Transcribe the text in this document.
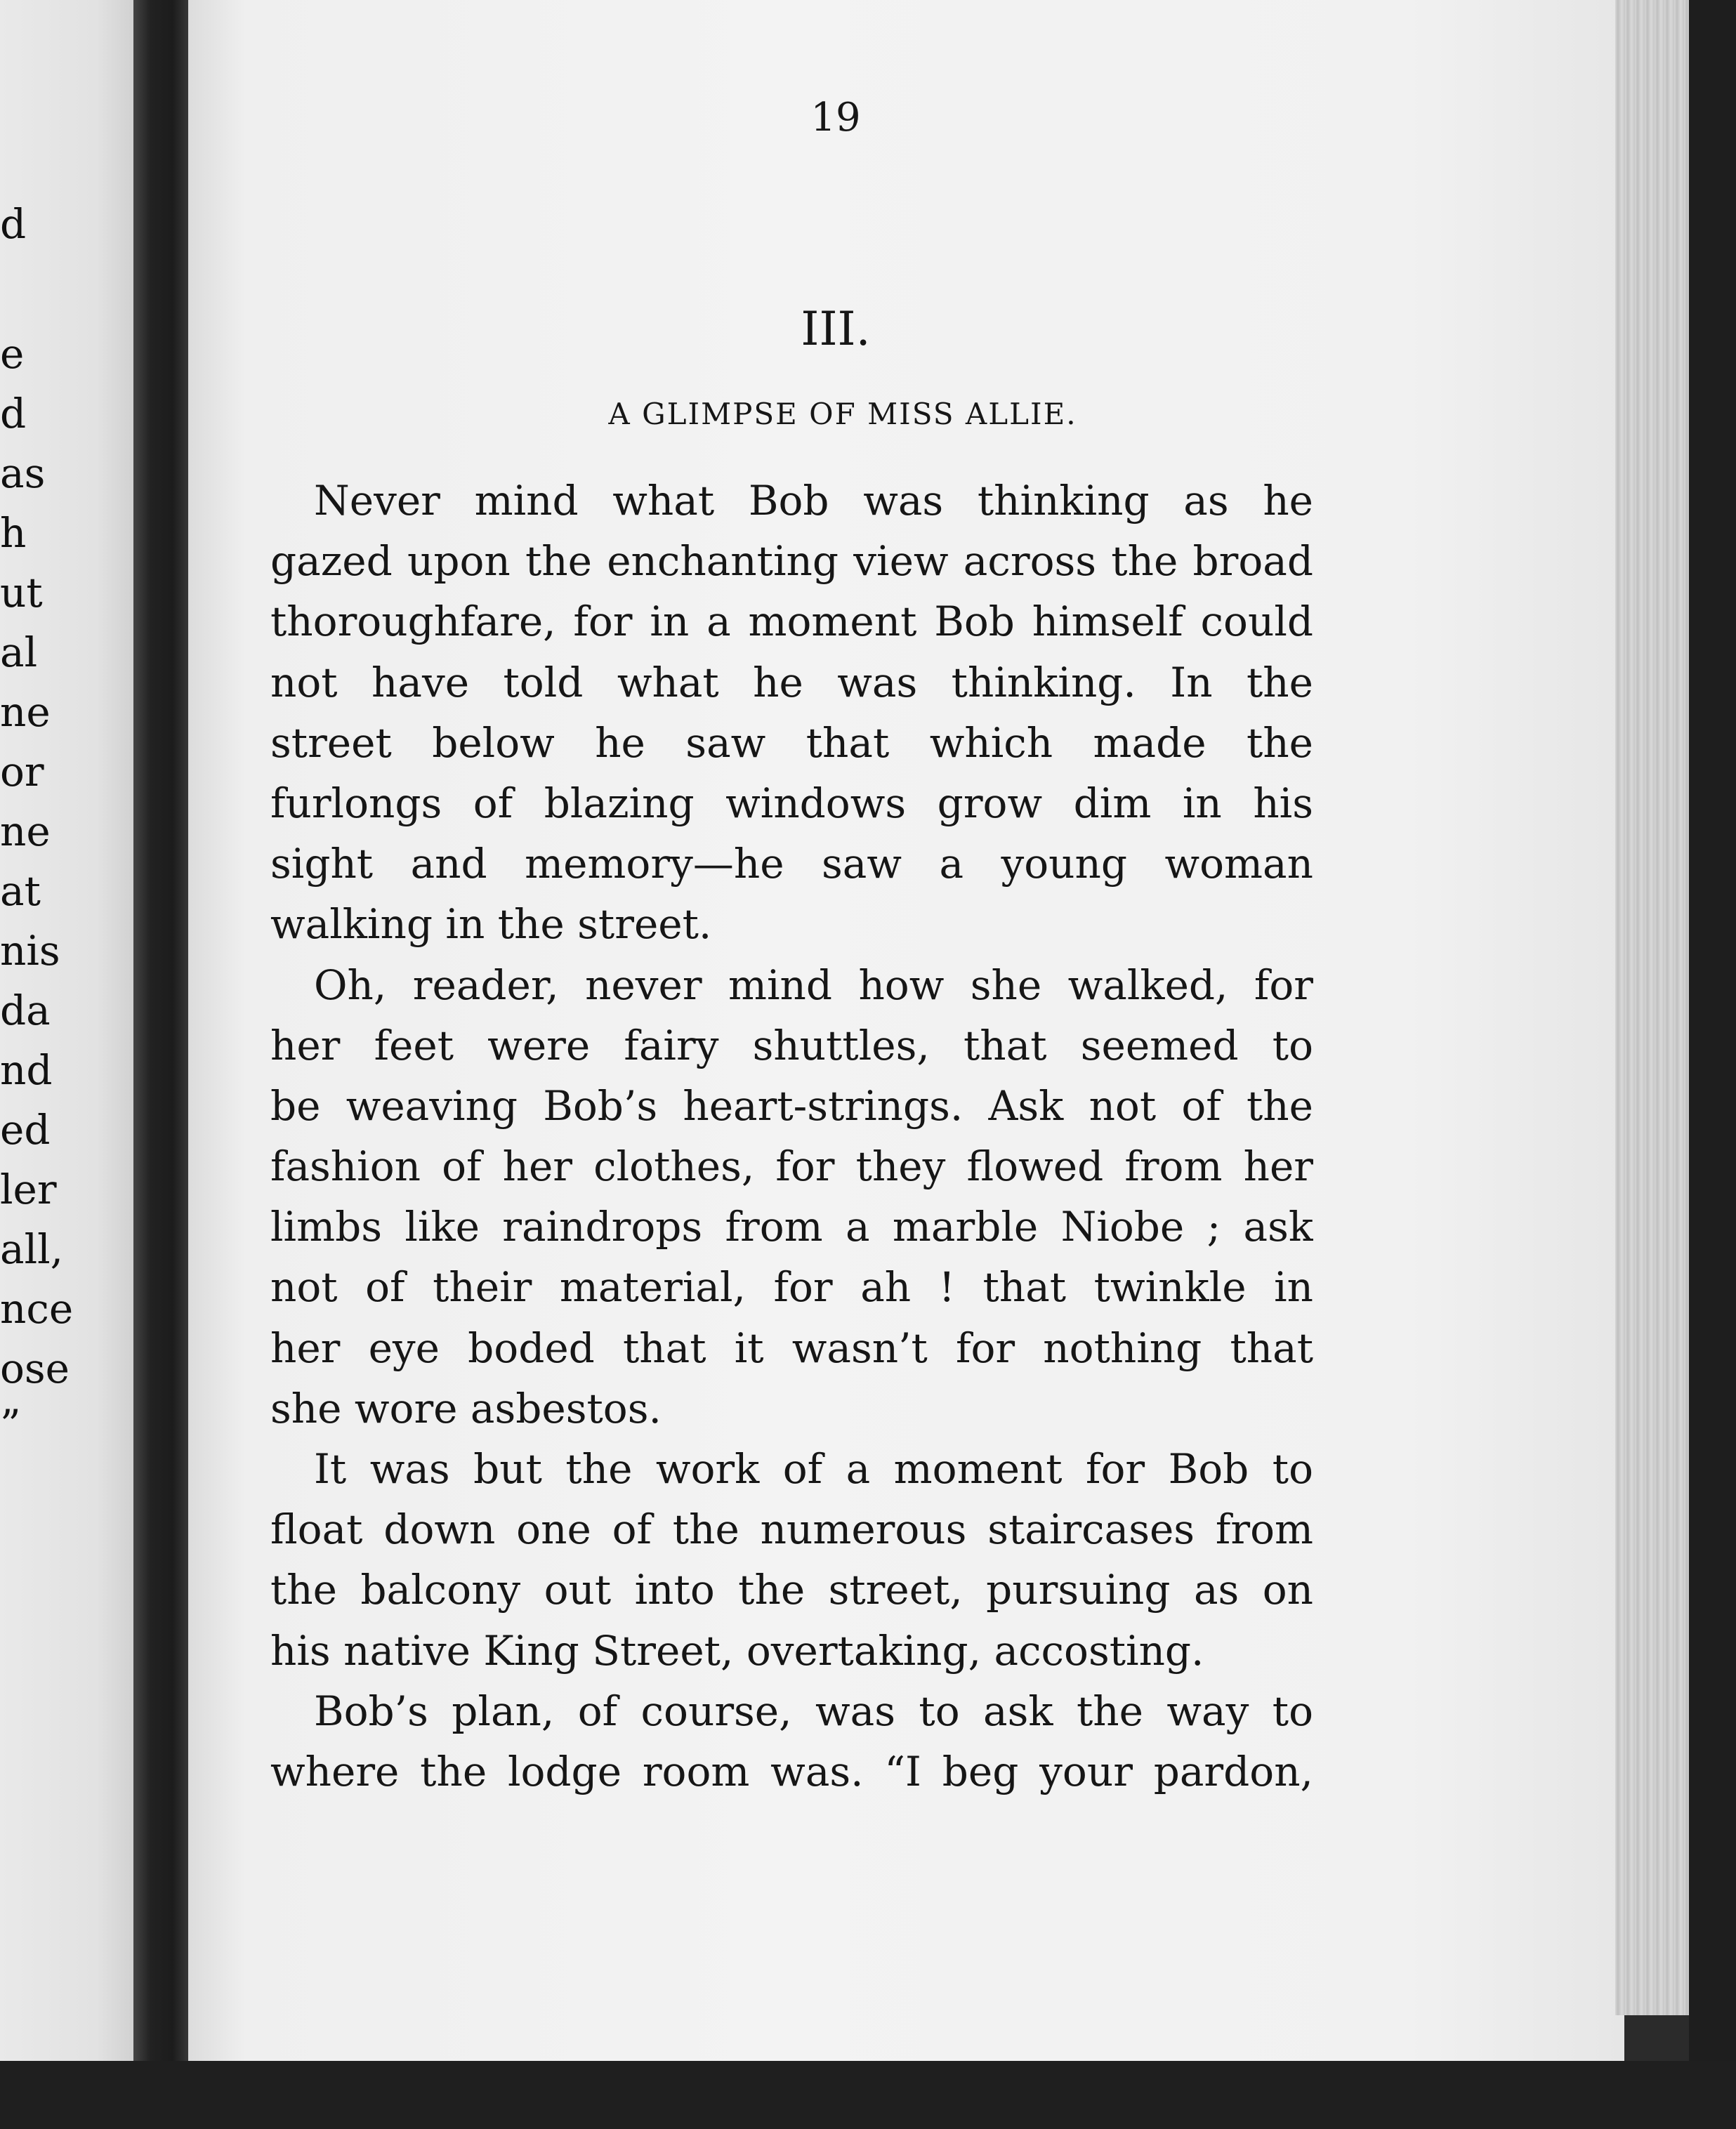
d
e
d
as
h
ut
al
ne
or
ne
at
nis
da
nd
ed
ler
all,
nce
ose
”
19
III.
A GLIMPSE OF MISS ALLIE.
Never mind what Bob was thinking as he
gazed upon the enchanting view across the broad
thoroughfare, for in a moment Bob himself could
not have told what he was thinking. In the
street below he saw that which made the
furlongs of blazing windows grow dim in his
sight and memory—he saw a young woman
walking in the street.
Oh, reader, never mind how she walked, for
her feet were fairy shuttles, that seemed to
be weaving Bob’s heart-strings. Ask not of the
fashion of her clothes, for they flowed from her
limbs like raindrops from a marble Niobe ; ask
not of their material, for ah ! that twinkle in
her eye boded that it wasn’t for nothing that
she wore asbestos.
It was but the work of a moment for Bob to
float down one of the numerous staircases from
the balcony out into the street, pursuing as on
his native King Street, overtaking, accosting.
Bob’s plan, of course, was to ask the way to
where the lodge room was. “I beg your pardon,
